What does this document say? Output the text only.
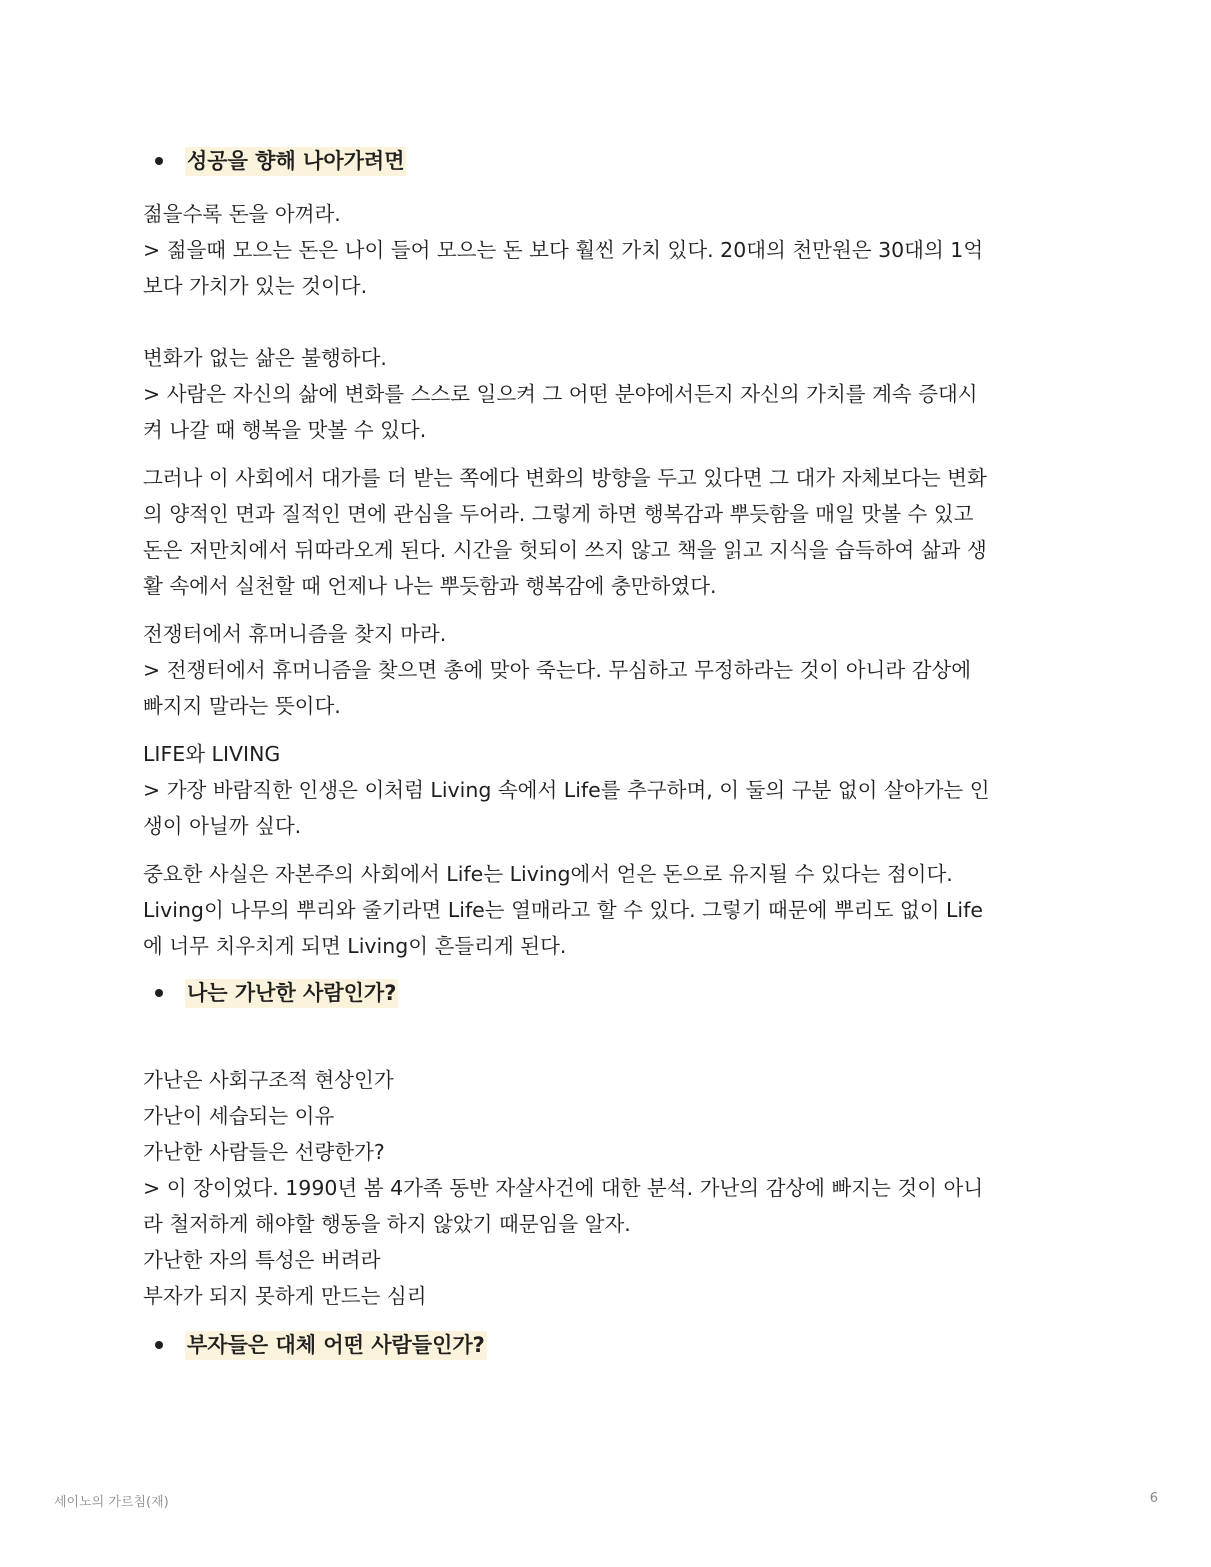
성공을 향해 나아가려면

젊을수록 돈을 아껴라.
> 젊을때 모으는 돈은 나이 들어 모으는 돈 보다 훨씬 가치 있다. 20대의 천만원은 30대의 1억
보다 가치가 있는 것이다.

변화가 없는 삶은 불행하다.
> 사람은 자신의 삶에 변화를 스스로 일으켜 그 어떤 분야에서든지 자신의 가치를 계속 증대시
켜 나갈 때 행복을 맛볼 수 있다.

그러나 이 사회에서 대가를 더 받는 쪽에다 변화의 방향을 두고 있다면 그 대가 자체보다는 변화
의 양적인 면과 질적인 면에 관심을 두어라. 그렇게 하면 행복감과 뿌듯함을 매일 맛볼 수 있고
돈은 저만치에서 뒤따라오게 된다. 시간을 헛되이 쓰지 않고 책을 읽고 지식을 습득하여 삶과 생
활 속에서 실천할 때 언제나 나는 뿌듯함과 행복감에 충만하였다.

전쟁터에서 휴머니즘을 찾지 마라.
> 전쟁터에서 휴머니즘을 찾으면 총에 맞아 죽는다. 무심하고 무정하라는 것이 아니라 감상에
빠지지 말라는 뜻이다.

LIFE와 LIVING
> 가장 바람직한 인생은 이처럼 Living 속에서 Life를 추구하며, 이 둘의 구분 없이 살아가는 인
생이 아닐까 싶다.

중요한 사실은 자본주의 사회에서 Life는 Living에서 얻은 돈으로 유지될 수 있다는 점이다.
Living이 나무의 뿌리와 줄기라면 Life는 열매라고 할 수 있다. 그렇기 때문에 뿌리도 없이 Life
에 너무 치우치게 되면 Living이 흔들리게 된다.

나는 가난한 사람인가?

가난은 사회구조적 현상인가
가난이 세습되는 이유
가난한 사람들은 선량한가?
> 이 장이었다. 1990년 봄 4가족 동반 자살사건에 대한 분석. 가난의 감상에 빠지는 것이 아니
라 철저하게 해야할 행동을 하지 않았기 때문임을 알자.
가난한 자의 특성은 버려라
부자가 되지 못하게 만드는 심리

부자들은 대체 어떤 사람들인가?
세이노의 가르침(재)	6
